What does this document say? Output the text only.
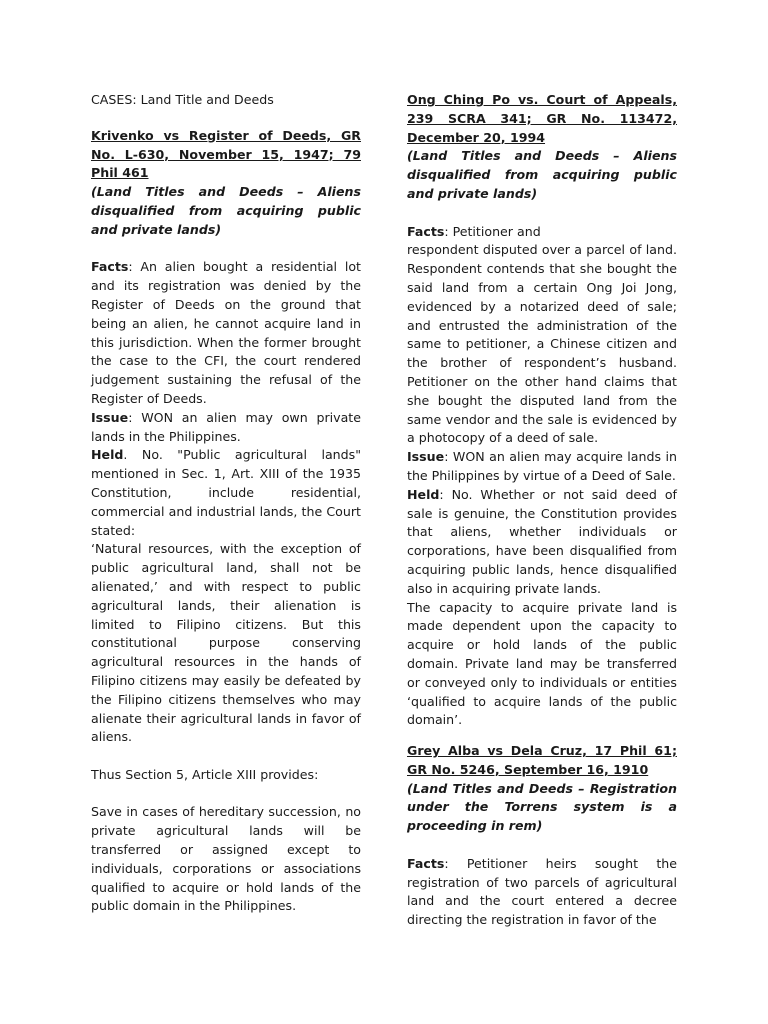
CASES: Land Title and Deeds

Krivenko vs Register of Deeds, GR No. L-630, November 15, 1947; 79 Phil 461

(Land Titles and Deeds – Aliens disqualified from acquiring public and private lands)

Facts: An alien bought a residential lot and its registration was denied by the Register of Deeds on the ground that being an alien, he cannot acquire land in this jurisdiction. When the former brought the case to the CFI, the court rendered judgement sustaining the refusal of the Register of Deeds.

Issue: WON an alien may own private lands in the Philippines.

Held. No. "Public agricultural lands" mentioned in Sec. 1, Art. XIII of the 1935 Constitution, include residential, commercial and industrial lands, the Court stated:

‘Natural resources, with the exception of public agricultural land, shall not be alienated,’ and with respect to public agricultural lands, their alienation is limited to Filipino citizens. But this constitutional purpose conserving agricultural resources in the hands of Filipino citizens may easily be defeated by the Filipino citizens themselves who may alienate their agricultural lands in favor of aliens.

Thus Section 5, Article XIII provides:

Save in cases of hereditary succession, no private agricultural lands will be transferred or assigned except to individuals, corporations or associations qualified to acquire or hold lands of the public domain in the Philippines.

Ong Ching Po vs. Court of Appeals, 239 SCRA 341; GR No. 113472, December 20, 1994

(Land Titles and Deeds – Aliens disqualified from acquiring public and private lands)

Facts: Petitioner and

respondent disputed over a parcel of land. Respondent contends that she bought the said land from a certain Ong Joi Jong, evidenced by a notarized deed of sale; and entrusted the administration of the same to petitioner, a Chinese citizen and the brother of respondent’s husband. Petitioner on the other hand claims that she bought the disputed land from the same vendor and the sale is evidenced by a photocopy of a deed of sale.

Issue: WON an alien may acquire lands in the Philippines by virtue of a Deed of Sale.

Held: No. Whether or not said deed of sale is genuine, the Constitution provides that aliens, whether individuals or corporations, have been disqualified from acquiring public lands, hence disqualified also in acquiring private lands.

The capacity to acquire private land is made dependent upon the capacity to acquire or hold lands of the public domain. Private land may be transferred or conveyed only to individuals or entities ‘qualified to acquire lands of the public domain’.

Grey Alba vs Dela Cruz, 17 Phil 61; GR No. 5246, September 16, 1910

(Land Titles and Deeds – Registration under the Torrens system is a proceeding in rem)

Facts: Petitioner heirs sought the registration of two parcels of agricultural land and the court entered a decree directing the registration in favor of the
